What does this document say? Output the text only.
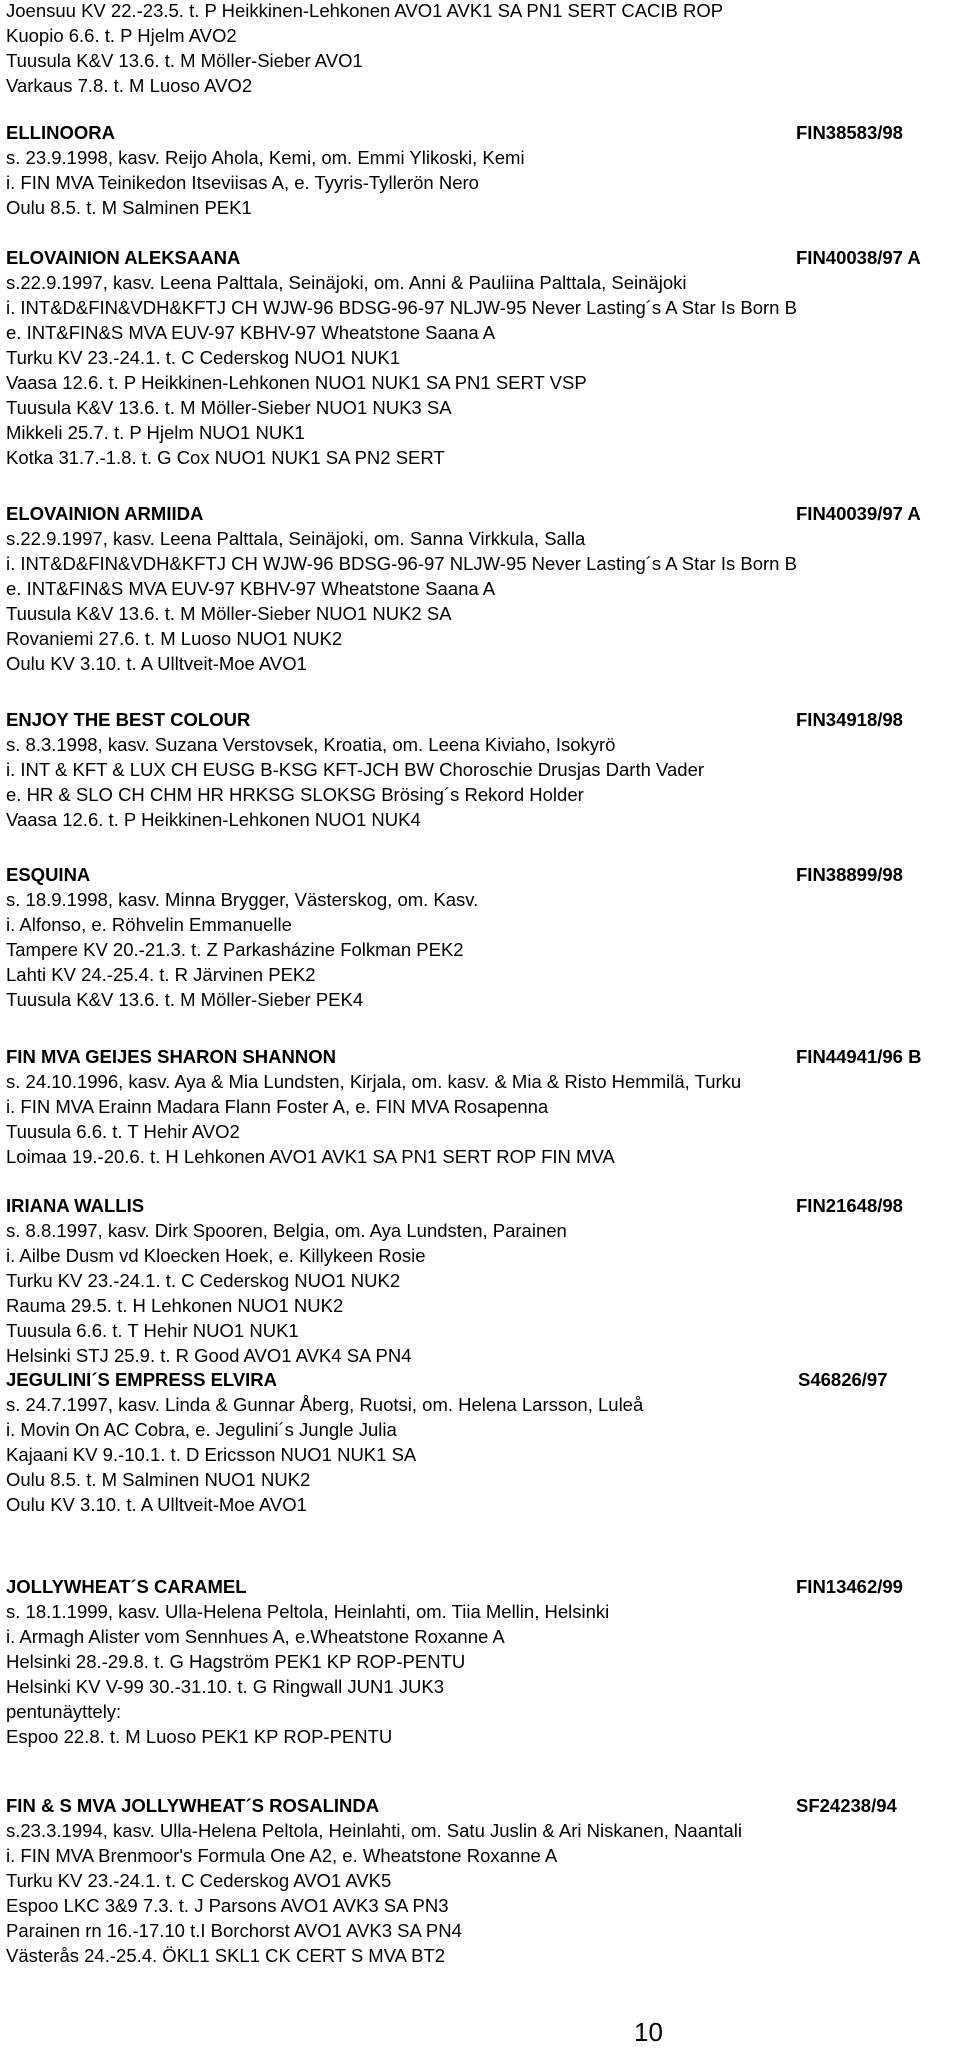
Joensuu KV 22.-23.5. t. P Heikkinen-Lehkonen AVO1 AVK1 SA PN1 SERT CACIB ROP
Kuopio 6.6. t. P Hjelm AVO2
Tuusula K&V 13.6. t. M Möller-Sieber AVO1
Varkaus 7.8. t. M Luoso AVO2
ELLINOORA	FIN38583/98
s. 23.9.1998, kasv. Reijo Ahola, Kemi, om. Emmi Ylikoski, Kemi
i. FIN MVA Teinikedon Itseviisas A, e. Tyyris-Tyllerön Nero
Oulu 8.5. t. M Salminen PEK1
ELOVAINION ALEKSAANA	FIN40038/97 A
s.22.9.1997, kasv. Leena Palttala, Seinäjoki, om. Anni & Pauliina Palttala, Seinäjoki
i. INT&D&FIN&VDH&KFTJ CH WJW-96 BDSG-96-97 NLJW-95 Never Lasting´s A Star Is Born B
e. INT&FIN&S MVA EUV-97 KBHV-97 Wheatstone Saana A
Turku KV 23.-24.1. t. C Cederskog NUO1 NUK1
Vaasa 12.6. t. P Heikkinen-Lehkonen NUO1 NUK1 SA PN1 SERT VSP
Tuusula K&V 13.6. t. M Möller-Sieber NUO1 NUK3 SA
Mikkeli 25.7. t. P Hjelm NUO1 NUK1
Kotka 31.7.-1.8. t. G Cox NUO1 NUK1 SA PN2 SERT
ELOVAINION ARMIIDA	FIN40039/97 A
s.22.9.1997, kasv. Leena Palttala, Seinäjoki, om. Sanna Virkkula, Salla
i. INT&D&FIN&VDH&KFTJ CH WJW-96 BDSG-96-97 NLJW-95 Never Lasting´s A Star Is Born B
e. INT&FIN&S MVA EUV-97 KBHV-97 Wheatstone Saana A
Tuusula K&V 13.6. t. M Möller-Sieber NUO1 NUK2 SA
Rovaniemi 27.6. t. M Luoso NUO1 NUK2
Oulu KV 3.10. t. A Ulltveit-Moe AVO1
ENJOY THE BEST COLOUR	FIN34918/98
s. 8.3.1998, kasv. Suzana Verstovsek, Kroatia, om. Leena Kiviaho, Isokyrö
i. INT & KFT & LUX CH EUSG B-KSG KFT-JCH BW Choroschie Drusjas Darth Vader
e. HR & SLO CH CHM HR HRKSG SLOKSG Brösing´s Rekord Holder
Vaasa 12.6. t. P Heikkinen-Lehkonen NUO1 NUK4
ESQUINA	FIN38899/98
s. 18.9.1998, kasv. Minna Brygger, Västerskog, om. Kasv.
i. Alfonso, e. Röhvelin Emmanuelle
Tampere KV 20.-21.3. t. Z Parkasházine Folkman PEK2
Lahti KV 24.-25.4. t. R Järvinen PEK2
Tuusula K&V 13.6. t. M Möller-Sieber PEK4
FIN MVA GEIJES SHARON SHANNON	FIN44941/96 B
s. 24.10.1996, kasv. Aya & Mia Lundsten, Kirjala, om. kasv. & Mia & Risto Hemmilä, Turku
i. FIN MVA Erainn Madara Flann Foster A, e. FIN MVA Rosapenna
Tuusula 6.6. t. T Hehir AVO2
Loimaa 19.-20.6. t. H Lehkonen AVO1 AVK1 SA PN1 SERT ROP FIN MVA
IRIANA WALLIS	FIN21648/98
s. 8.8.1997, kasv. Dirk Spooren, Belgia, om. Aya Lundsten, Parainen
i. Ailbe Dusm vd Kloecken Hoek, e. Killykeen Rosie
Turku KV 23.-24.1. t. C Cederskog NUO1 NUK2
Rauma 29.5. t. H Lehkonen NUO1 NUK2
Tuusula 6.6. t. T Hehir NUO1 NUK1
Helsinki STJ 25.9. t. R Good AVO1 AVK4 SA PN4
JEGULINI´S EMPRESS ELVIRA	S46826/97
s. 24.7.1997, kasv. Linda & Gunnar Åberg, Ruotsi, om. Helena Larsson, Luleå
i. Movin On AC Cobra, e. Jegulini´s Jungle Julia
Kajaani KV 9.-10.1. t. D Ericsson NUO1 NUK1 SA
Oulu 8.5. t. M Salminen NUO1 NUK2
Oulu KV 3.10. t. A Ulltveit-Moe AVO1
JOLLYWHEAT´S CARAMEL	FIN13462/99
s. 18.1.1999, kasv. Ulla-Helena Peltola, Heinlahti, om. Tiia Mellin, Helsinki
i. Armagh Alister vom Sennhues A, e.Wheatstone Roxanne A
Helsinki 28.-29.8. t. G Hagström PEK1 KP ROP-PENTU
Helsinki KV V-99 30.-31.10. t. G Ringwall JUN1 JUK3
pentunäyttely:
Espoo 22.8. t. M Luoso PEK1 KP ROP-PENTU
FIN & S MVA JOLLYWHEAT´S ROSALINDA	SF24238/94
s.23.3.1994, kasv. Ulla-Helena Peltola, Heinlahti, om. Satu Juslin & Ari Niskanen, Naantali
i. FIN MVA Brenmoor's Formula One A2, e. Wheatstone Roxanne A
Turku KV 23.-24.1. t. C Cederskog AVO1 AVK5
Espoo LKC 3&9 7.3. t. J Parsons AVO1 AVK3 SA PN3
Parainen rn 16.-17.10 t.I Borchorst AVO1 AVK3 SA PN4
Västerås 24.-25.4. ÖKL1 SKL1 CK CERT S MVA BT2
10
